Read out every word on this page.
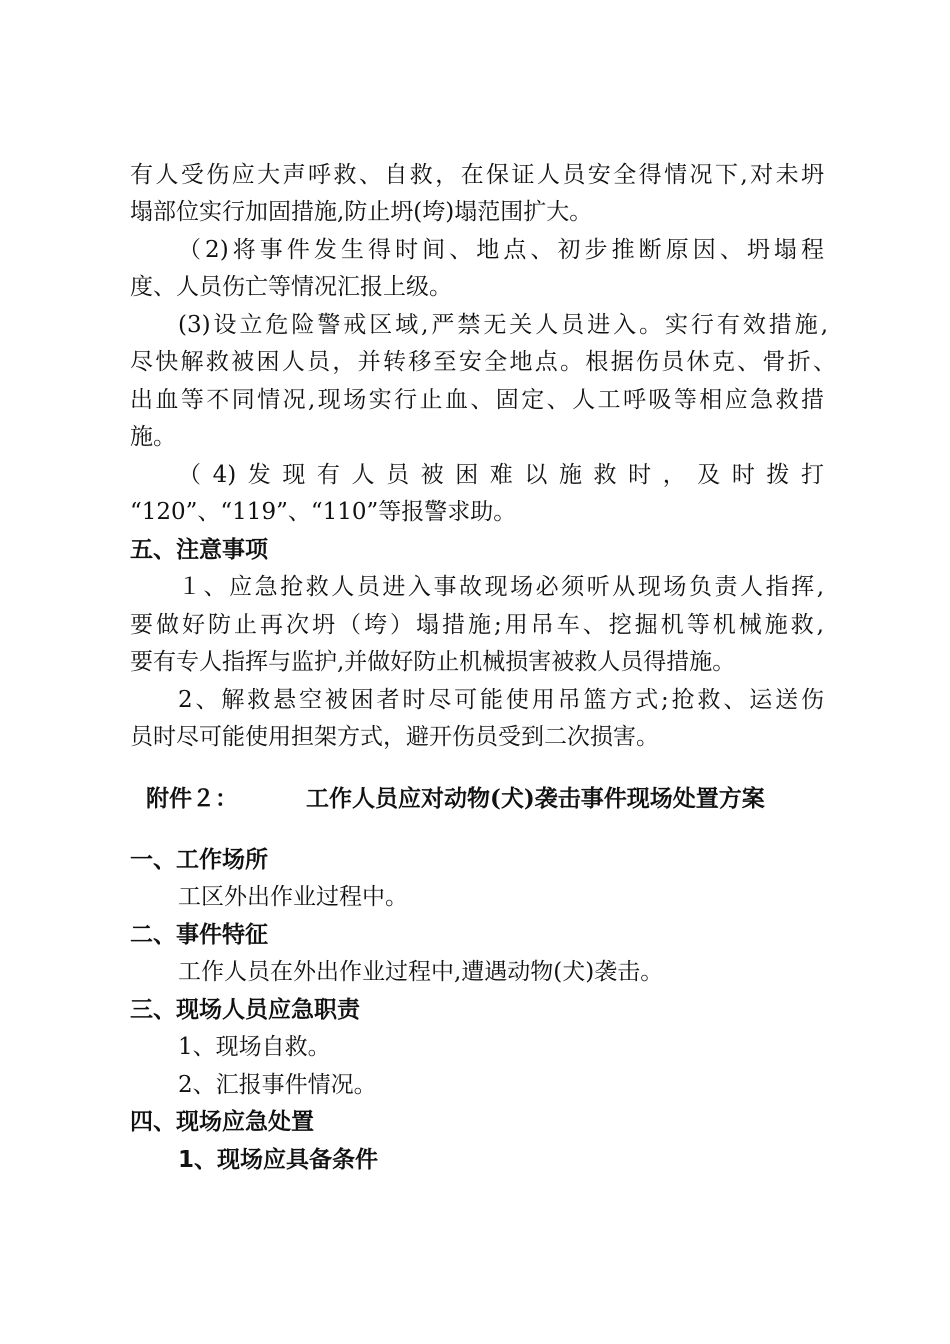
有人受伤应大声呼救、自救，在保证人员安全得情况下,对未坍
塌部位实行加固措施,防止坍(垮)塌范围扩大。
（2)将事件发生得时间、地点、初步推断原因、坍塌程
度、人员伤亡等情况汇报上级。
(3)设立危险警戒区域,严禁无关人员进入。实行有效措施,
尽快解救被困人员，并转移至安全地点。根据伤员休克、骨折、
出血等不同情况,现场实行止血、固定、人工呼吸等相应急救措
施。
（4)发现有人员被困难以施救时，及时拨打
“120”、“119”、“110”等报警求助。
五、注意事项
１、应急抢救人员进入事故现场必须听从现场负责人指挥,
要做好防止再次坍（垮）塌措施;用吊车、挖掘机等机械施救,
要有专人指挥与监护,并做好防止机械损害被救人员得措施。
2、解救悬空被困者时尽可能使用吊篮方式;抢救、运送伤
员时尽可能使用担架方式，避开伤员受到二次损害。
附件２：	工作人员应对动物(犬)袭击事件现场处置方案
一、工作场所
工区外出作业过程中。
二、事件特征
工作人员在外出作业过程中,遭遇动物(犬)袭击。
三、现场人员应急职责
1、现场自救。
2、汇报事件情况。
四、现场应急处置
1、现场应具备条件
